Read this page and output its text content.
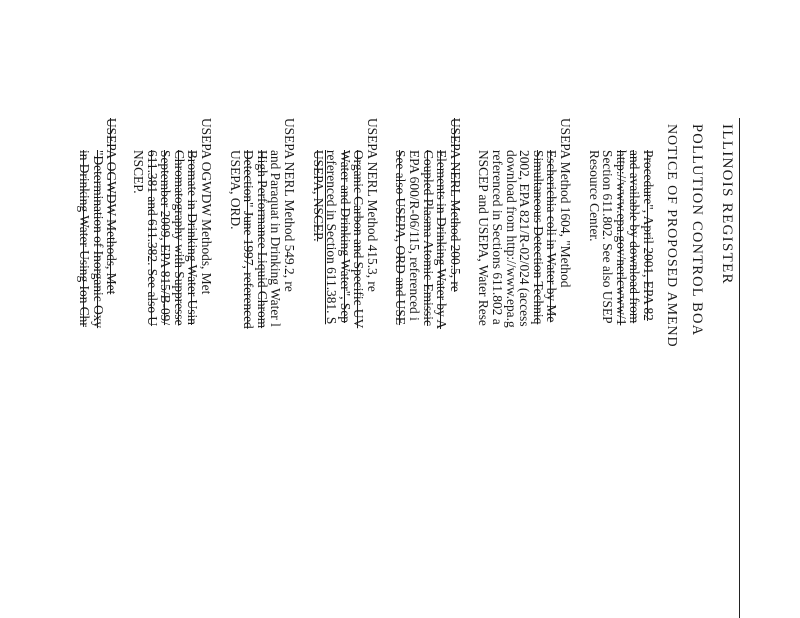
ILLINOIS REGISTER
POLLUTION CONTROL BOA
NOTICE OF PROPOSED AMEND
Procedure", April 2001, EPA 82
and available by download from
http://www.epa.gov/nerlcwww/1
Section 611.802. See also USEP
Resource Center.
USEPA Method 1604, "Method
Escherichia coli in Water by Me
Simultaneous Detection Techniq
2002, EPA 821/R-02/024 (access
download from http://www.epa.g
referenced in Sections 611.802 a
NSCEP and USEPA, Water Rese
USEPA NERL Method 200.5, re
Elements in Drinking Water by A
Coupled Plasma Atomic Emissic
EPA 600/R-06/115, referenced i
See also USEPA, ORD and USE
USEPA NERL Method 415.3, re
Organic Carbon and Specific UV
Water and Drinking Water", Sep
referenced in Section 611.381. S
USEPA, NSCEP.
USEPA NERL Method 549.2, re
and Paraquat in Drinking Water l
High Performance Liquid Chrom
Detection" June 1997, referenced
USEPA, ORD.
USEPA OGWDW Methods, Met
Bromate in Drinking Water Usin
Chromatography with Suppresse
September 2009, EPA 815/B-09/
611.381 and 611.382. See also U
NSCEP.
USEPA OGWDW Methods, Met
"Determination of Inorganic Oxy
in Drinking Water Using Ion Chr
